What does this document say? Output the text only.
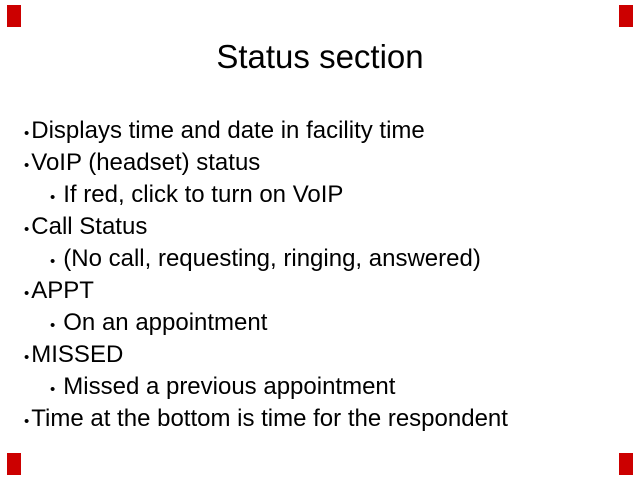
Status section
• Displays time and date in facility time
• VoIP (headset) status
• If red, click to turn on VoIP
• Call Status
• (No call, requesting, ringing, answered)
• APPT
• On an appointment
• MISSED
• Missed a previous appointment
• Time at the bottom is time for the respondent
